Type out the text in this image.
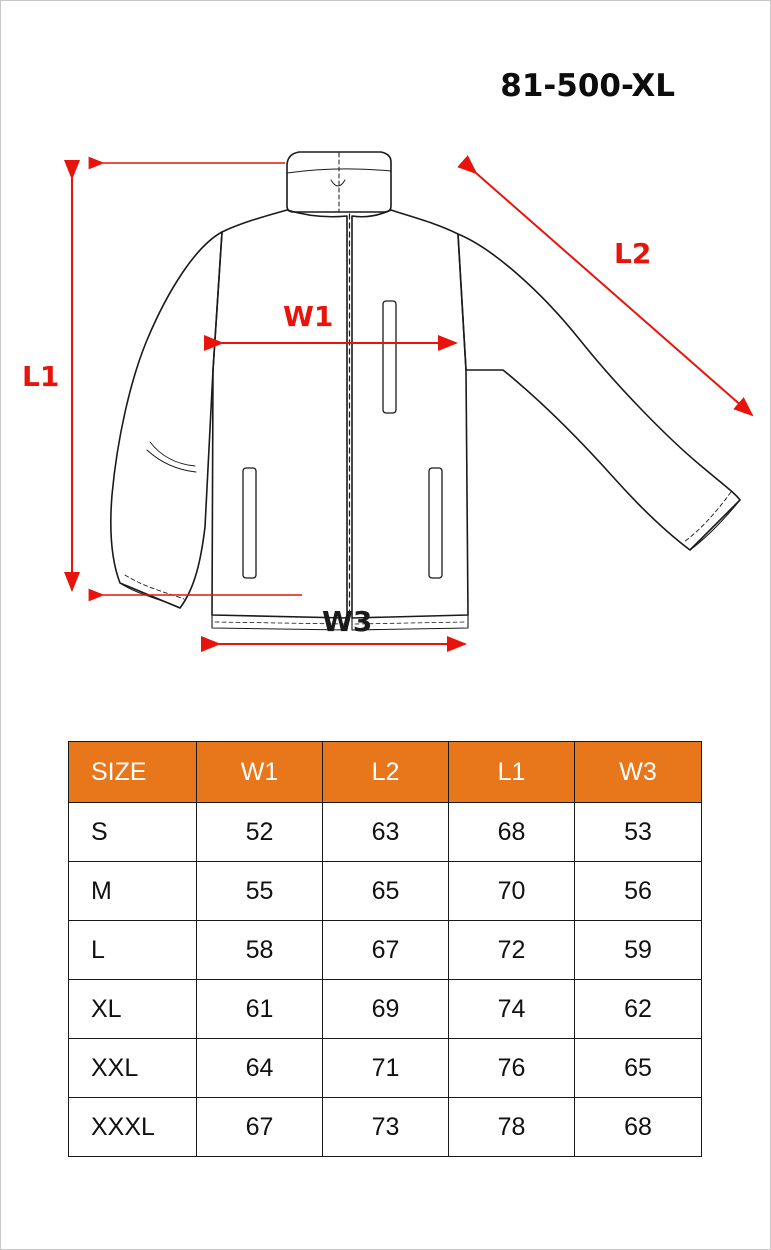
81-500-XL
L1
L2
W1
W3
SIZE	W1	L2	L1	W3
S	52	63	68	53
M	55	65	70	56
L	58	67	72	59
XL	61	69	74	62
XXL	64	71	76	65
XXXL	67	73	78	68
